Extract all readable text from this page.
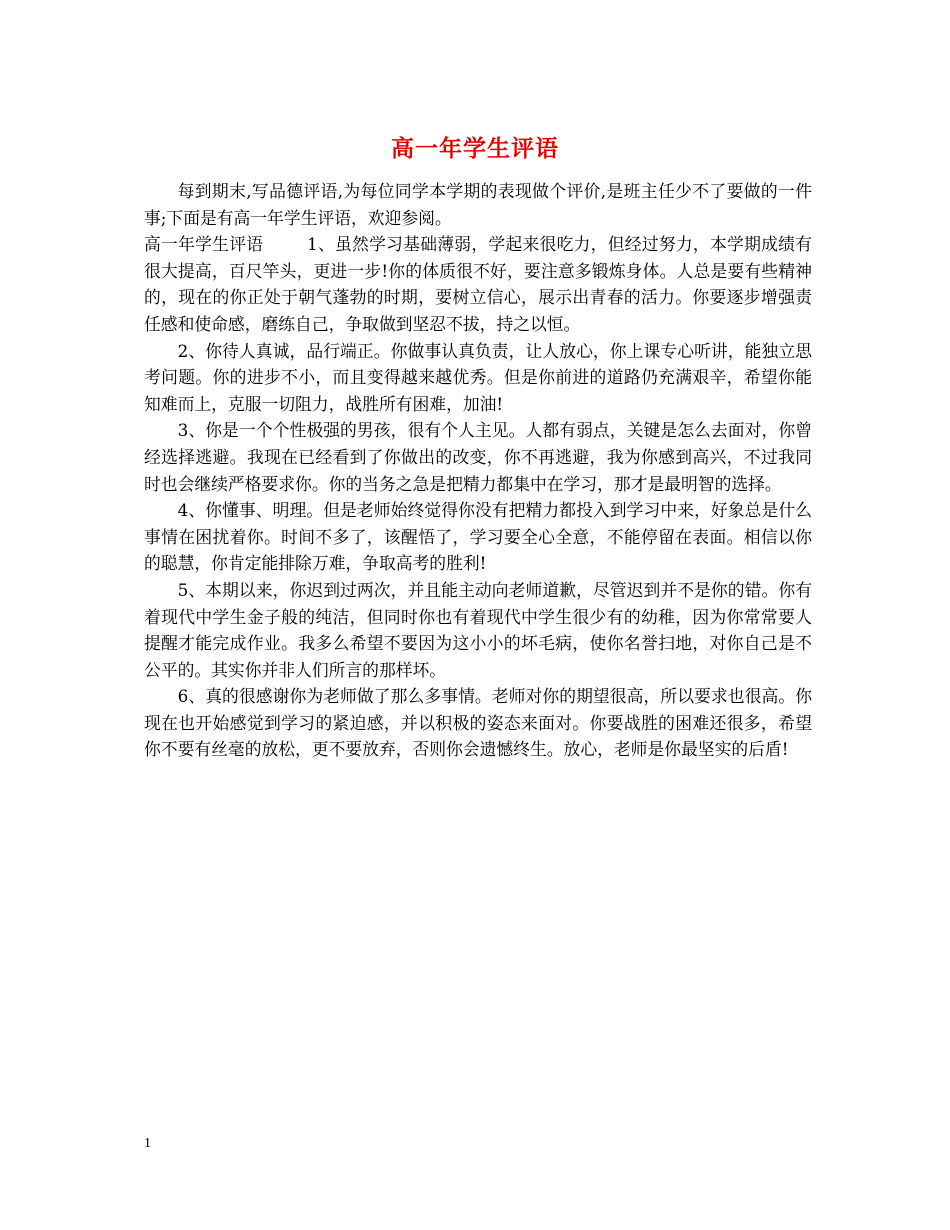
高一年学生评语

每到期末,写品德评语,为每位同学本学期的表现做个评价,是班主任少不了要做的一件事;下面是有高一年学生评语，欢迎参阅。

高一年学生评语	1、虽然学习基础薄弱，学起来很吃力，但经过努力，本学期成绩有很大提高，百尺竿头，更进一步!你的体质很不好，要注意多锻炼身体。人总是要有些精神的，现在的你正处于朝气蓬勃的时期，要树立信心，展示出青春的活力。你要逐步增强责任感和使命感，磨练自己，争取做到坚忍不拔，持之以恒。

2、你待人真诚，品行端正。你做事认真负责，让人放心，你上课专心听讲，能独立思考问题。你的进步不小，而且变得越来越优秀。但是你前进的道路仍充满艰辛，希望你能知难而上，克服一切阻力，战胜所有困难，加油!

3、你是一个个性极强的男孩，很有个人主见。人都有弱点，关键是怎么去面对，你曾经选择逃避。我现在已经看到了你做出的改变，你不再逃避，我为你感到高兴，不过我同时也会继续严格要求你。你的当务之急是把精力都集中在学习，那才是最明智的选择。

4、你懂事、明理。但是老师始终觉得你没有把精力都投入到学习中来，好象总是什么事情在困扰着你。时间不多了，该醒悟了，学习要全心全意，不能停留在表面。相信以你的聪慧，你肯定能排除万难，争取高考的胜利!

5、本期以来，你迟到过两次，并且能主动向老师道歉，尽管迟到并不是你的错。你有着现代中学生金子般的纯洁，但同时你也有着现代中学生很少有的幼稚，因为你常常要人提醒才能完成作业。我多么希望不要因为这小小的坏毛病，使你名誉扫地，对你自己是不公平的。其实你并非人们所言的那样坏。

6、真的很感谢你为老师做了那么多事情。老师对你的期望很高，所以要求也很高。你现在也开始感觉到学习的紧迫感，并以积极的姿态来面对。你要战胜的困难还很多，希望你不要有丝毫的放松，更不要放弃，否则你会遗憾终生。放心，老师是你最坚实的后盾!

1
